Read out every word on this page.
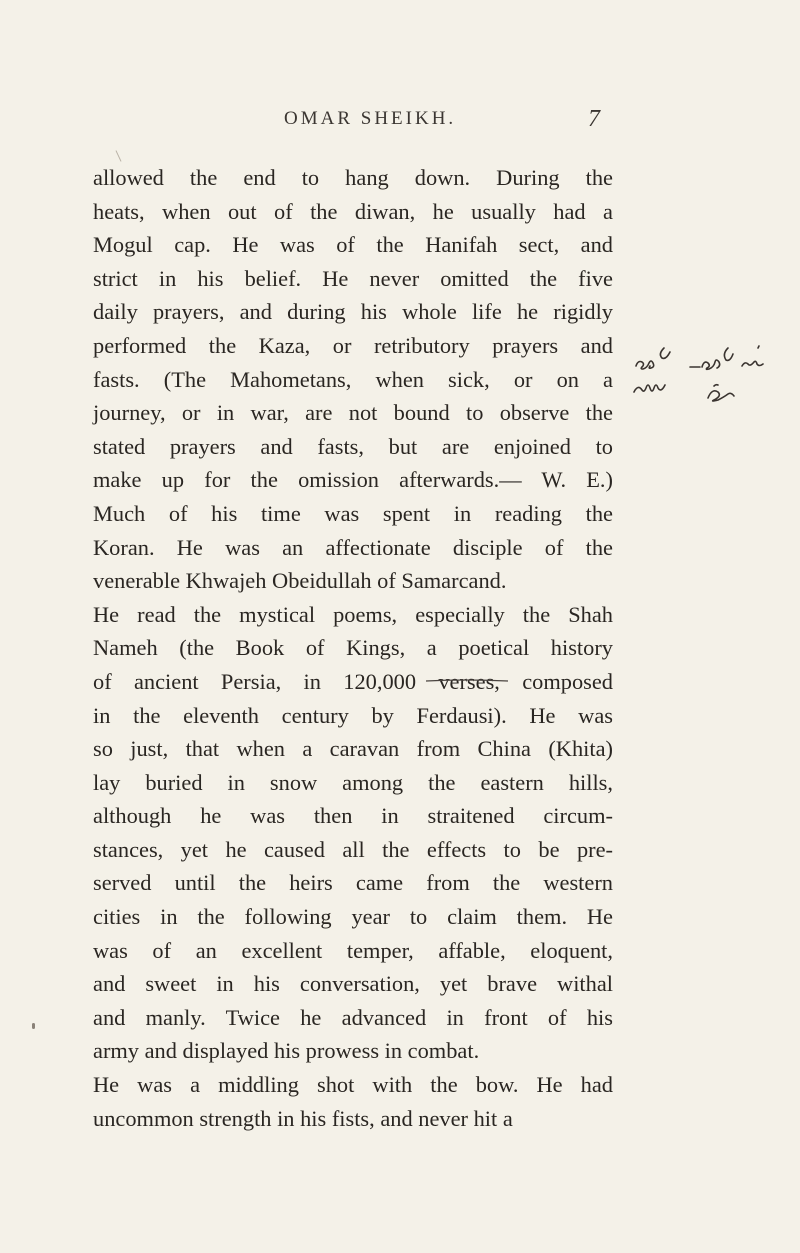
OMAR SHEIKH.	7
allowed the end to hang down. During the
heats, when out of the diwan, he usually had a
Mogul cap. He was of the Hanifah sect, and
strict in his belief. He never omitted the five
daily prayers, and during his whole life he rigidly
performed the Kaza, or retributory prayers and
fasts. (The Mahometans, when sick, or on a
journey, or in war, are not bound to observe the
stated prayers and fasts, but are enjoined to
make up for the omission afterwards.— W. E.)
Much of his time was spent in reading the
Koran. He was an affectionate disciple of the
venerable Khwajeh Obeidullah of Samarcand.
He read the mystical poems, especially the Shah
Nameh (the Book of Kings, a poetical history
of ancient Persia, in 120,000 verses, composed
in the eleventh century by Ferdausi). He was
so just, that when a caravan from China (Khita)
lay buried in snow among the eastern hills,
although he was then in straitened circum-
stances, yet he caused all the effects to be pre-
served until the heirs came from the western
cities in the following year to claim them. He
was of an excellent temper, affable, eloquent,
and sweet in his conversation, yet brave withal
and manly. Twice he advanced in front of his
army and displayed his prowess in combat.
He was a middling shot with the bow. He had
uncommon strength in his fists, and never hit a
